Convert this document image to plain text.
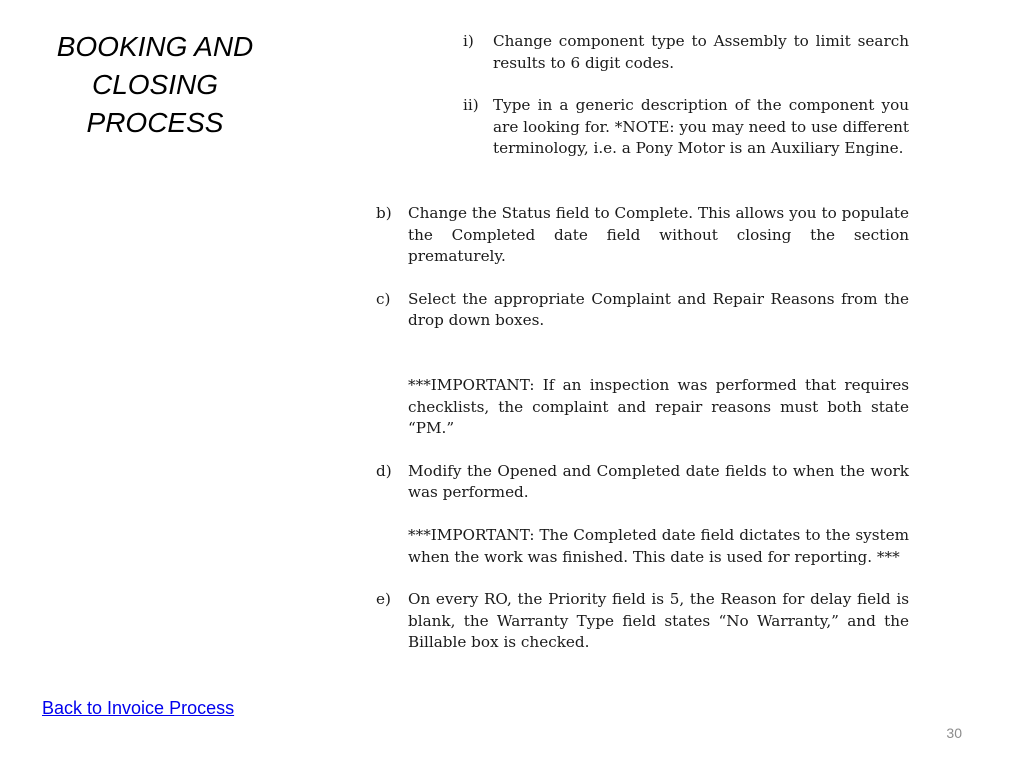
BOOKING AND
CLOSING
PROCESS
i)	Change component type to Assembly to limit search results to 6 digit codes.
ii) Type in a generic description of the component you are looking for. *NOTE: you may need to use different terminology, i.e. a Pony Motor is an Auxiliary Engine.
b)	Change the Status field to Complete. This allows you to populate the Completed date field without closing the section prematurely.
c)	Select the appropriate Complaint and Repair Reasons from the drop down boxes.
***IMPORTANT: If an inspection was performed that requires checklists, the complaint and repair reasons must both state “PM.”
d)	Modify the Opened and Completed date fields to when the work was performed.
***IMPORTANT: The Completed date field dictates to the system when the work was finished. This date is used for reporting. ***
e)	On every RO, the Priority field is 5, the Reason for delay field is blank, the Warranty Type field states “No Warranty,” and the Billable box is checked.
Back to Invoice Process
30
